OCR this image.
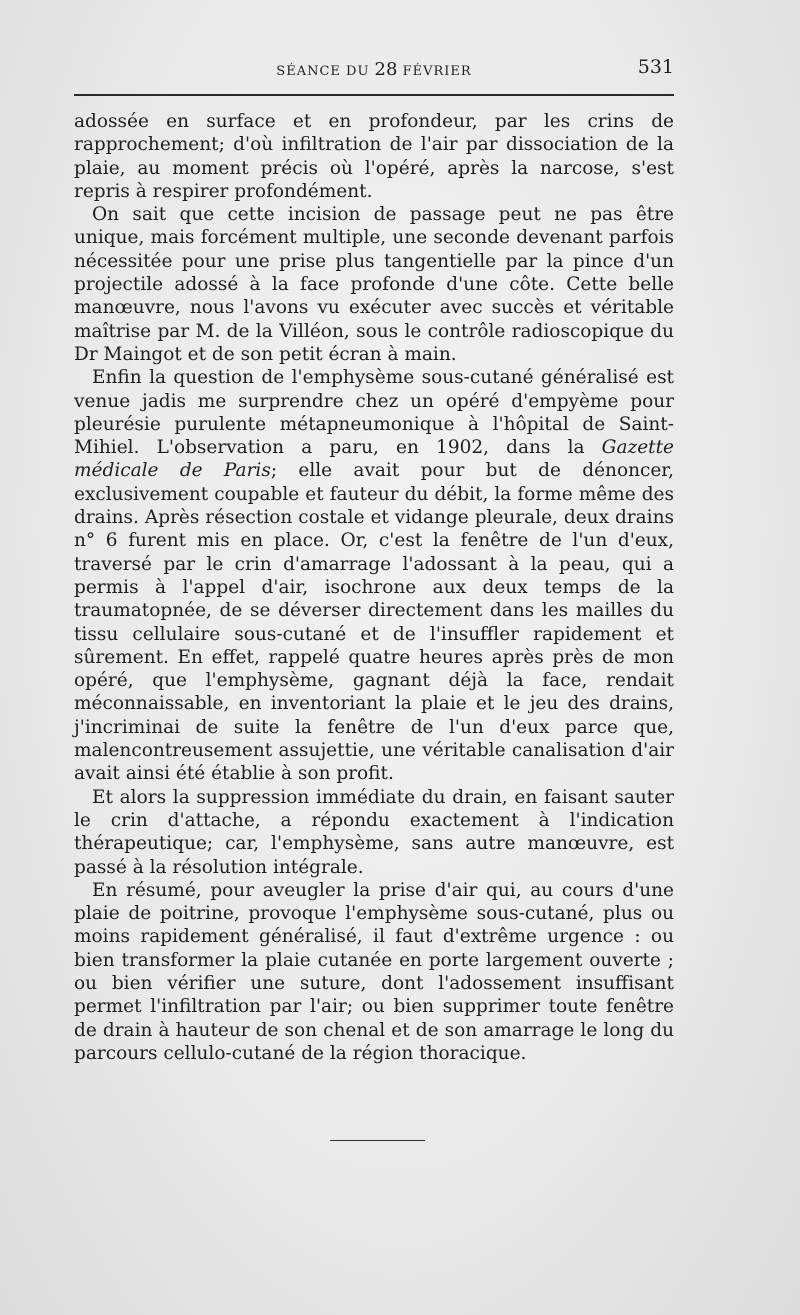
SÉANCE DU 28 FÉVRIER	531

adossée en surface et en profondeur, par les crins de rapprochement; d'où infiltration de l'air par dissociation de la plaie, au moment précis où l'opéré, après la narcose, s'est repris à respirer profondément.

On sait que cette incision de passage peut ne pas être unique, mais forcément multiple, une seconde devenant parfois nécessitée pour une prise plus tangentielle par la pince d'un projectile adossé à la face profonde d'une côte. Cette belle manœuvre, nous l'avons vu exécuter avec succès et véritable maîtrise par M. de la Villéon, sous le contrôle radioscopique du Dr Maingot et de son petit écran à main.

Enfin la question de l'emphysème sous-cutané généralisé est venue jadis me surprendre chez un opéré d'empyème pour pleurésie purulente métapneumonique à l'hôpital de Saint-Mihiel. L'observation a paru, en 1902, dans la Gazette médicale de Paris; elle avait pour but de dénoncer, exclusivement coupable et fauteur du débit, la forme même des drains. Après résection costale et vidange pleurale, deux drains n° 6 furent mis en place. Or, c'est la fenêtre de l'un d'eux, traversé par le crin d'amarrage l'adossant à la peau, qui a permis à l'appel d'air, isochrone aux deux temps de la traumatopnée, de se déverser directement dans les mailles du tissu cellulaire sous-cutané et de l'insuffler rapidement et sûrement. En effet, rappelé quatre heures après près de mon opéré, que l'emphysème, gagnant déjà la face, rendait méconnaissable, en inventoriant la plaie et le jeu des drains, j'incriminai de suite la fenêtre de l'un d'eux parce que, malencontreusement assujettie, une véritable canalisation d'air avait ainsi été établie à son profit.

Et alors la suppression immédiate du drain, en faisant sauter le crin d'attache, a répondu exactement à l'indication thérapeutique; car, l'emphysème, sans autre manœuvre, est passé à la résolution intégrale.

En résumé, pour aveugler la prise d'air qui, au cours d'une plaie de poitrine, provoque l'emphysème sous-cutané, plus ou moins rapidement généralisé, il faut d'extrême urgence : ou bien transformer la plaie cutanée en porte largement ouverte ; ou bien vérifier une suture, dont l'adossement insuffisant permet l'infiltration par l'air; ou bien supprimer toute fenêtre de drain à hauteur de son chenal et de son amarrage le long du parcours cellulo-cutané de la région thoracique.
